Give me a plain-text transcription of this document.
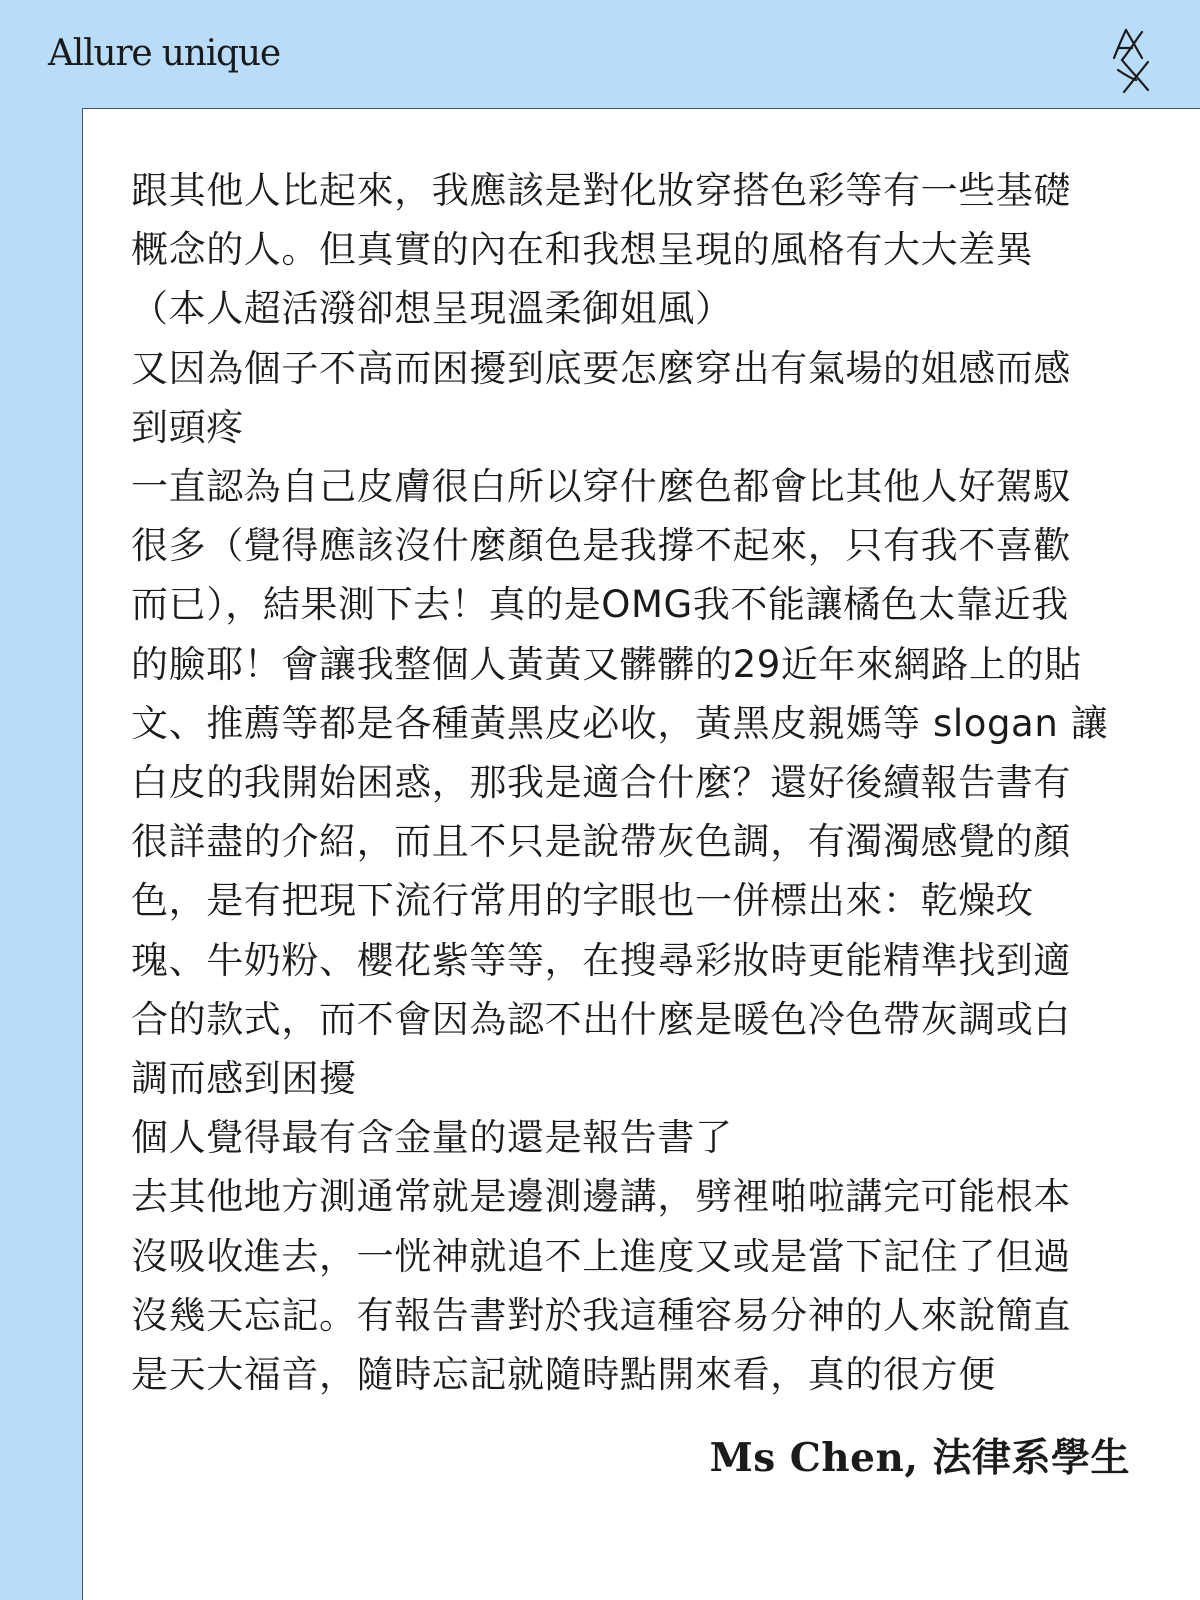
Allure unique

跟其他人比起來，我應該是對化妝穿搭色彩等有一些基礎
概念的人。但真實的內在和我想呈現的風格有大大差異
（本人超活潑卻想呈現溫柔御姐風）
又因為個子不高而困擾到底要怎麼穿出有氣場的姐感而感
到頭疼
一直認為自己皮膚很白所以穿什麼色都會比其他人好駕馭
很多（覺得應該沒什麼顏色是我撐不起來，只有我不喜歡
而已），結果測下去！真的是OMG我不能讓橘色太靠近我
的臉耶！會讓我整個人黃黃又髒髒的29近年來網路上的貼
文、推薦等都是各種黃黑皮必收，黃黑皮親媽等 slogan 讓
白皮的我開始困惑，那我是適合什麼？還好後續報告書有
很詳盡的介紹，而且不只是說帶灰色調，有濁濁感覺的顏
色，是有把現下流行常用的字眼也一併標出來：乾燥玫
瑰、牛奶粉、櫻花紫等等，在搜尋彩妝時更能精準找到適
合的款式，而不會因為認不出什麼是暖色冷色帶灰調或白
調而感到困擾
個人覺得最有含金量的還是報告書了
去其他地方測通常就是邊測邊講，劈裡啪啦講完可能根本
沒吸收進去，一恍神就追不上進度又或是當下記住了但過
沒幾天忘記。有報告書對於我這種容易分神的人來說簡直
是天大福音，隨時忘記就隨時點開來看，真的很方便

Ms Chen, 法律系學生
